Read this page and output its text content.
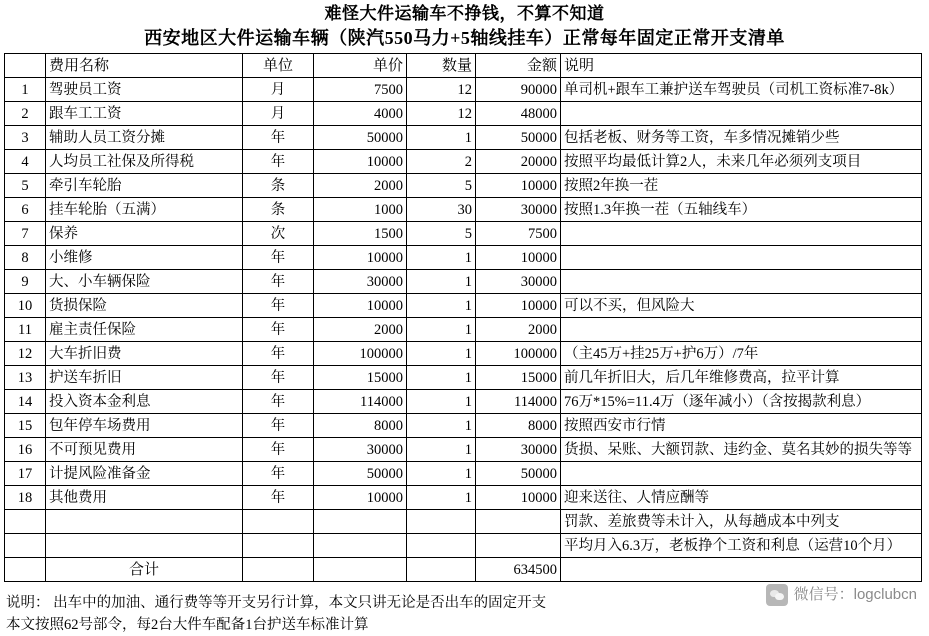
难怪大件运输车不挣钱，不算不知道
西安地区大件运输车辆（陕汽550马力+5轴线挂车）正常每年固定正常开支清单
	费用名称	单位	单价	数量	金额	说明
1	驾驶员工资	月	7500	12	90000	单司机+跟车工兼护送车驾驶员（司机工资标准7-8k）
2	跟车工工资	月	4000	12	48000	
3	辅助人员工资分摊	年	50000	1	50000	包括老板、财务等工资，车多情况摊销少些
4	人均员工社保及所得税	年	10000	2	20000	按照平均最低计算2人，未来几年必须列支项目
5	牵引车轮胎	条	2000	5	10000	按照2年换一茬
6	挂车轮胎（五满）	条	1000	30	30000	按照1.3年换一茬（五轴线车）
7	保养	次	1500	5	7500	
8	小维修	年	10000	1	10000	
9	大、小车辆保险	年	30000	1	30000	
10	货损保险	年	10000	1	10000	可以不买，但风险大
11	雇主责任保险	年	2000	1	2000	
12	大车折旧费	年	100000	1	100000	（主45万+挂25万+护6万）/7年
13	护送车折旧	年	15000	1	15000	前几年折旧大，后几年维修费高，拉平计算
14	投入资本金利息	年	114000	1	114000	76万*15%=11.4万（逐年减小）（含按揭款利息）
15	包年停车场费用	年	8000	1	8000	按照西安市行情
16	不可预见费用	年	30000	1	30000	货损、呆账、大额罚款、违约金、莫名其妙的损失等等
17	计提风险准备金	年	50000	1	50000	
18	其他费用	年	10000	1	10000	迎来送往、人情应酬等
						罚款、差旅费等未计入，从每趟成本中列支
						平均月入6.3万，老板挣个工资和利息（运营10个月）
	合计				634500	

说明： 出车中的加油、通行费等等开支另行计算，本文只讲无论是否出车的固定开支

本文按照62号部令，每2台大件车配备1台护送车标准计算

微信号：logclubcn
